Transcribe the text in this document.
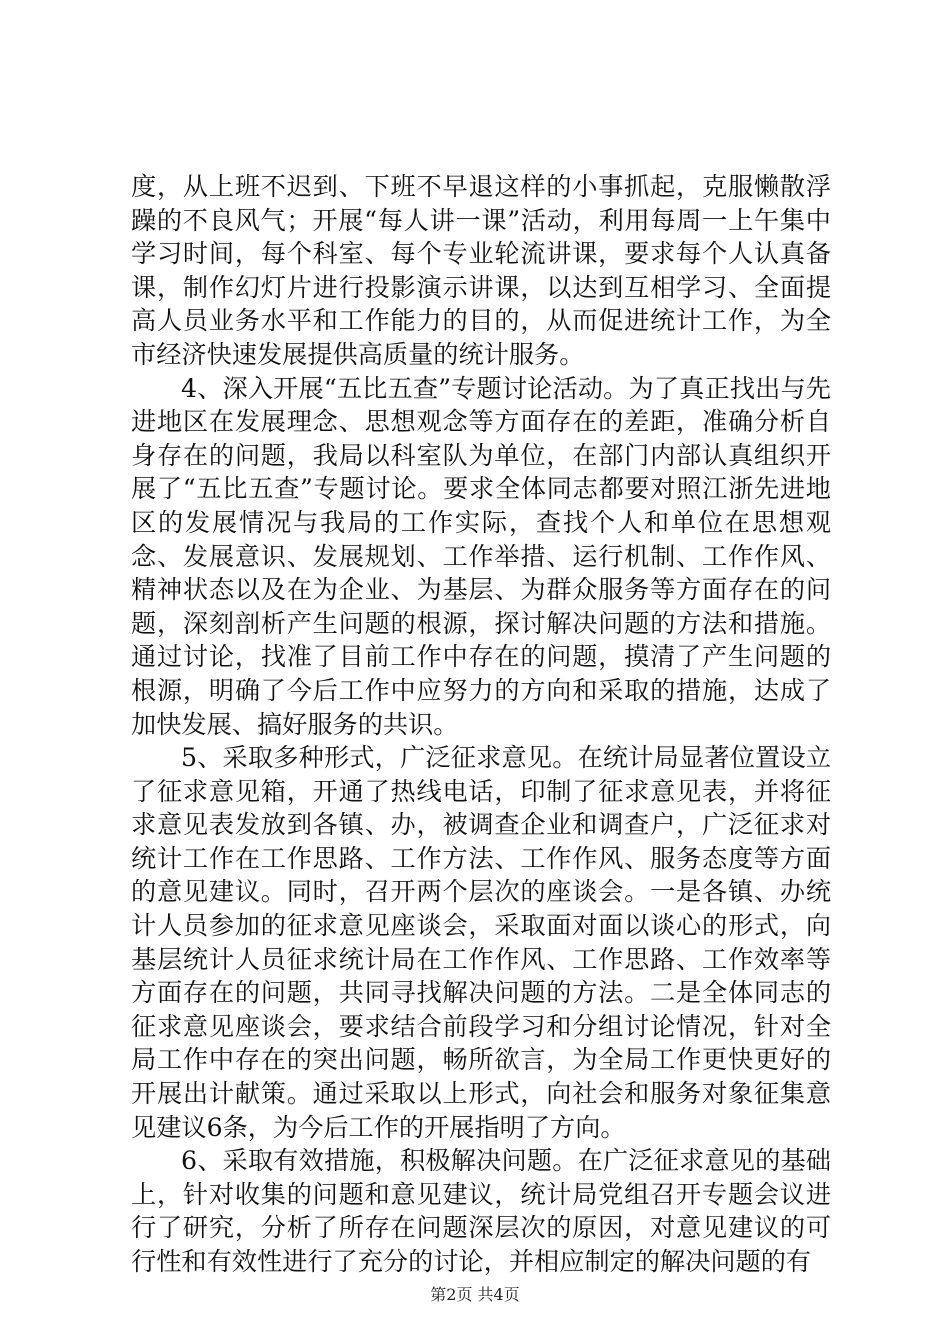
度，从上班不迟到、下班不早退这样的小事抓起，克服懒散浮躁的不良风气；开展“每人讲一课”活动，利用每周一上午集中学习时间，每个科室、每个专业轮流讲课，要求每个人认真备课，制作幻灯片进行投影演示讲课，以达到互相学习、全面提高人员业务水平和工作能力的目的，从而促进统计工作，为全市经济快速发展提供高质量的统计服务。

4、深入开展“五比五查”专题讨论活动。为了真正找出与先进地区在发展理念、思想观念等方面存在的差距，准确分析自身存在的问题，我局以科室队为单位，在部门内部认真组织开展了“五比五查”专题讨论。要求全体同志都要对照江浙先进地区的发展情况与我局的工作实际，查找个人和单位在思想观念、发展意识、发展规划、工作举措、运行机制、工作作风、精神状态以及在为企业、为基层、为群众服务等方面存在的问题，深刻剖析产生问题的根源，探讨解决问题的方法和措施。通过讨论，找准了目前工作中存在的问题，摸清了产生问题的根源，明确了今后工作中应努力的方向和采取的措施，达成了加快发展、搞好服务的共识。

5、采取多种形式，广泛征求意见。在统计局显著位置设立了征求意见箱，开通了热线电话，印制了征求意见表，并将征求意见表发放到各镇、办，被调查企业和调查户，广泛征求对统计工作在工作思路、工作方法、工作作风、服务态度等方面的意见建议。同时，召开两个层次的座谈会。一是各镇、办统计人员参加的征求意见座谈会，采取面对面以谈心的形式，向基层统计人员征求统计局在工作作风、工作思路、工作效率等方面存在的问题，共同寻找解决问题的方法。二是全体同志的征求意见座谈会，要求结合前段学习和分组讨论情况，针对全局工作中存在的突出问题，畅所欲言，为全局工作更快更好的开展出计献策。通过采取以上形式，向社会和服务对象征集意见建议6条，为今后工作的开展指明了方向。

6、采取有效措施，积极解决问题。在广泛征求意见的基础上，针对收集的问题和意见建议，统计局党组召开专题会议进行了研究，分析了所存在问题深层次的原因，对意见建议的可行性和有效性进行了充分的讨论，并相应制定的解决问题的有

第2页 共4页
